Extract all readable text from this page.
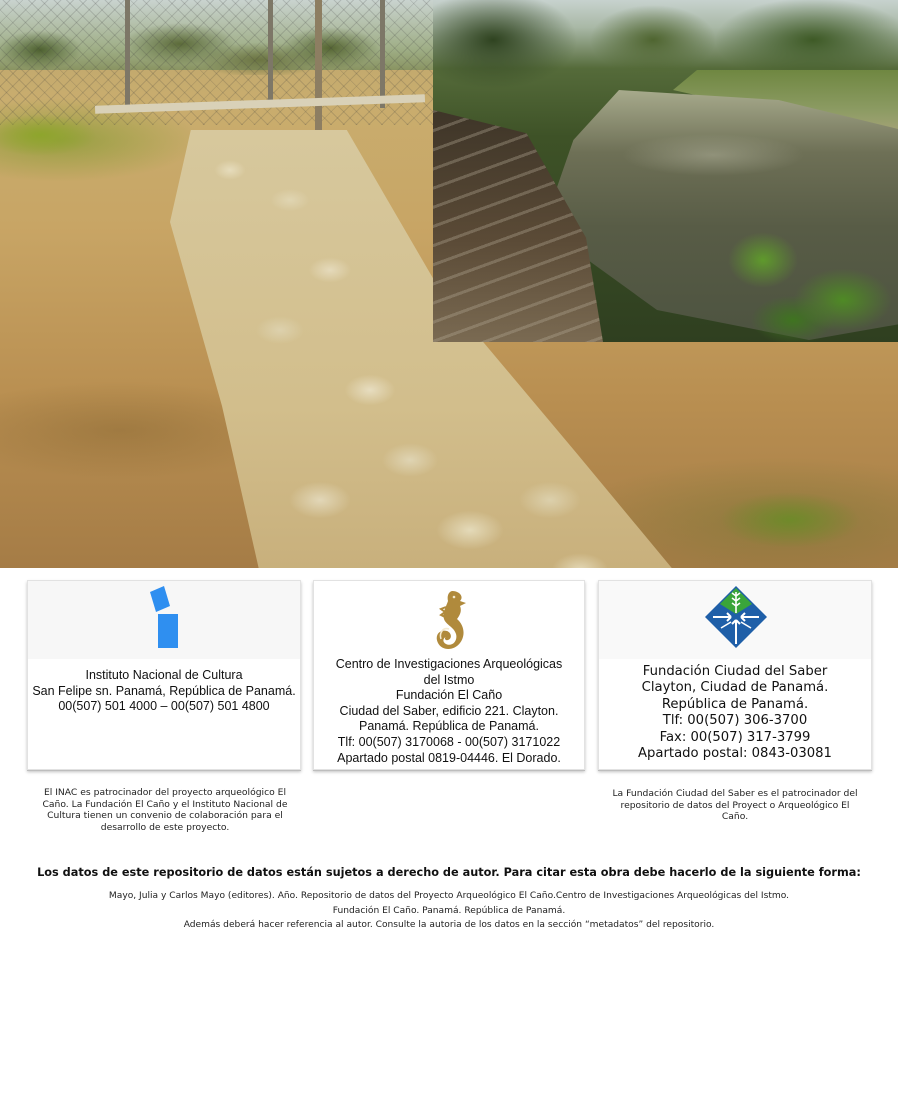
Instituto Nacional de Cultura
San Felipe sn. Panamá, República de Panamá.
00(507) 501 4000 – 00(507) 501 4800
Centro de Investigaciones Arqueológicas
del Istmo
Fundación El Caño
Ciudad del Saber, edificio 221. Clayton.
Panamá. República de Panamá.
Tlf: 00(507) 3170068 - 00(507) 3171022
Apartado postal 0819-04446. El Dorado.
Fundación Ciudad del Saber
Clayton, Ciudad de Panamá.
República de Panamá.
Tlf: 00(507) 306-3700
Fax: 00(507) 317-3799
Apartado postal: 0843-03081
El INAC es patrocinador del proyecto arqueológico El
Caño. La Fundación El Caño y el Instituto Nacional de
Cultura tienen un convenio de colaboración para el
desarrollo de este proyecto.
La Fundación Ciudad del Saber es el patrocinador del
repositorio de datos del Proyect o Arqueológico El
Caño.
Los datos de este repositorio de datos están sujetos a derecho de autor. Para citar esta obra debe hacerlo de la siguiente forma:
Mayo, Julia y Carlos Mayo (editores). Año. Repositorio de datos del Proyecto Arqueológico El Caño.Centro de Investigaciones Arqueológicas del Istmo.
Fundación El Caño. Panamá. República de Panamá.
Además deberá hacer referencia al autor. Consulte la autoria de los datos en la sección “metadatos” del repositorio.
